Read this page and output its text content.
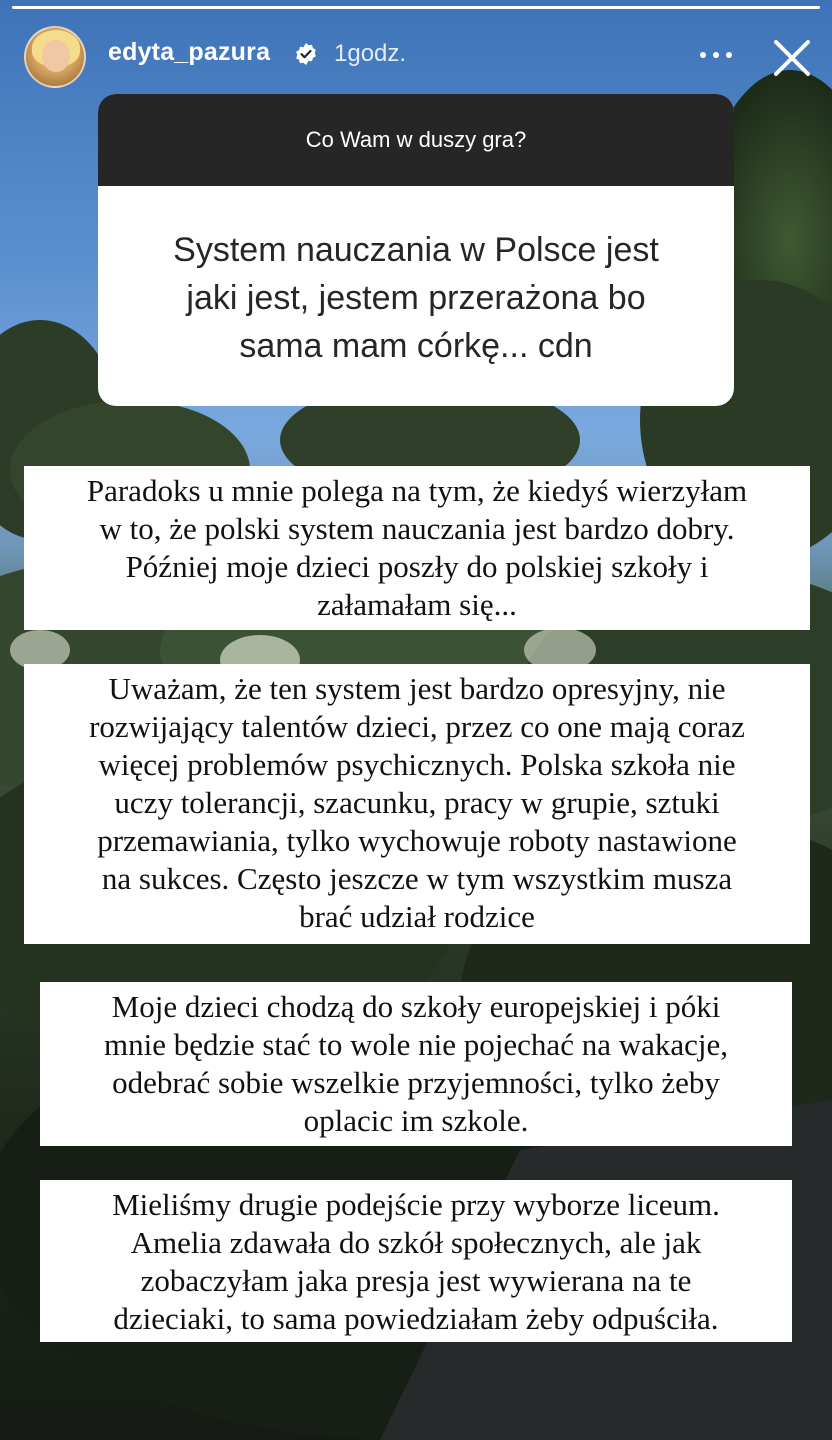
edyta_pazura	1godz.
Co Wam w duszy gra?
System nauczania w Polsce jest
jaki jest, jestem przerażona bo
sama mam córkę... cdn
Paradoks u mnie polega na tym, że kiedyś wierzyłam
w to, że polski system nauczania jest bardzo dobry.
Później moje dzieci poszły do polskiej szkoły i
załamałam się...
Uważam, że ten system jest bardzo opresyjny, nie
rozwijający talentów dzieci, przez co one mają coraz
więcej problemów psychicznych. Polska szkoła nie
uczy tolerancji, szacunku, pracy w grupie, sztuki
przemawiania, tylko wychowuje roboty nastawione
na sukces. Często jeszcze w tym wszystkim musza
brać udział rodzice
Moje dzieci chodzą do szkoły europejskiej i póki
mnie będzie stać to wole nie pojechać na wakacje,
odebrać sobie wszelkie przyjemności, tylko żeby
oplacic im szkole.
Mieliśmy drugie podejście przy wyborze liceum.
Amelia zdawała do szkół społecznych, ale jak
zobaczyłam jaka presja jest wywierana na te
dzieciaki, to sama powiedziałam żeby odpuściła.
